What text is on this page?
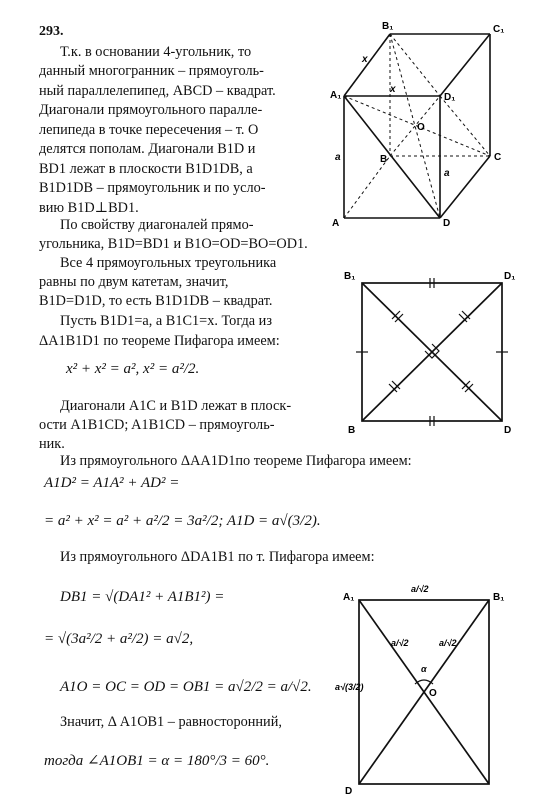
293.
Т.к. в основании 4-угольник, то
данный многогранник – прямоуголь-
ный параллелепипед, ABCD – квадрат.
Диагонали прямоугольного паралле-
лепипеда в точке пересечения – т. O
делятся пополам. Диагонали B1D и
BD1 лежат в плоскости B1D1DB, а
B1D1DB – прямоугольник и по усло-
вию B1D⊥BD1.
По свойству диагоналей прямо-
угольника, B1D=BD1 и B1O=OD=BO=OD1.
Все 4 прямоугольных треугольника
равны по двум катетам, значит,
B1D=D1D, то есть B1D1DB – квадрат.
Пусть B1D1=a, а B1C1=x. Тогда из
ΔA1B1D1 по теореме Пифагора имеем:
x² + x² = a², x² = a²/2.
Диагонали A1C и B1D лежат в плоск-
ости A1B1CD; A1B1CD – прямоуголь-
ник.
Из прямоугольного ΔAA1D1по теореме Пифагора имеем:
A1D² = A1A² + AD² =
= a² + x² = a² + a²/2 = 3a²/2; A1D = a√(3/2).
Из прямоугольного ΔDA1B1 по т. Пифагора имеем:
DB1 = √(DA1² + A1B1²) =
= √(3a²/2 + a²/2) = a√2,
A1O = OC = OD = OB1 = a√2/2 = a/√2.
Значит, Δ A1OB1 – равносторонний,
тогда ∠A1OB1 = α = 180°/3 = 60°.
B₁	C₁
A₁	D₁
O
B	C
A	D
x
x
a
a
B₁	D₁
B	D
A₁	B₁
O
D
α
a/√2
a√(3/2)
a/√2	a/√2
